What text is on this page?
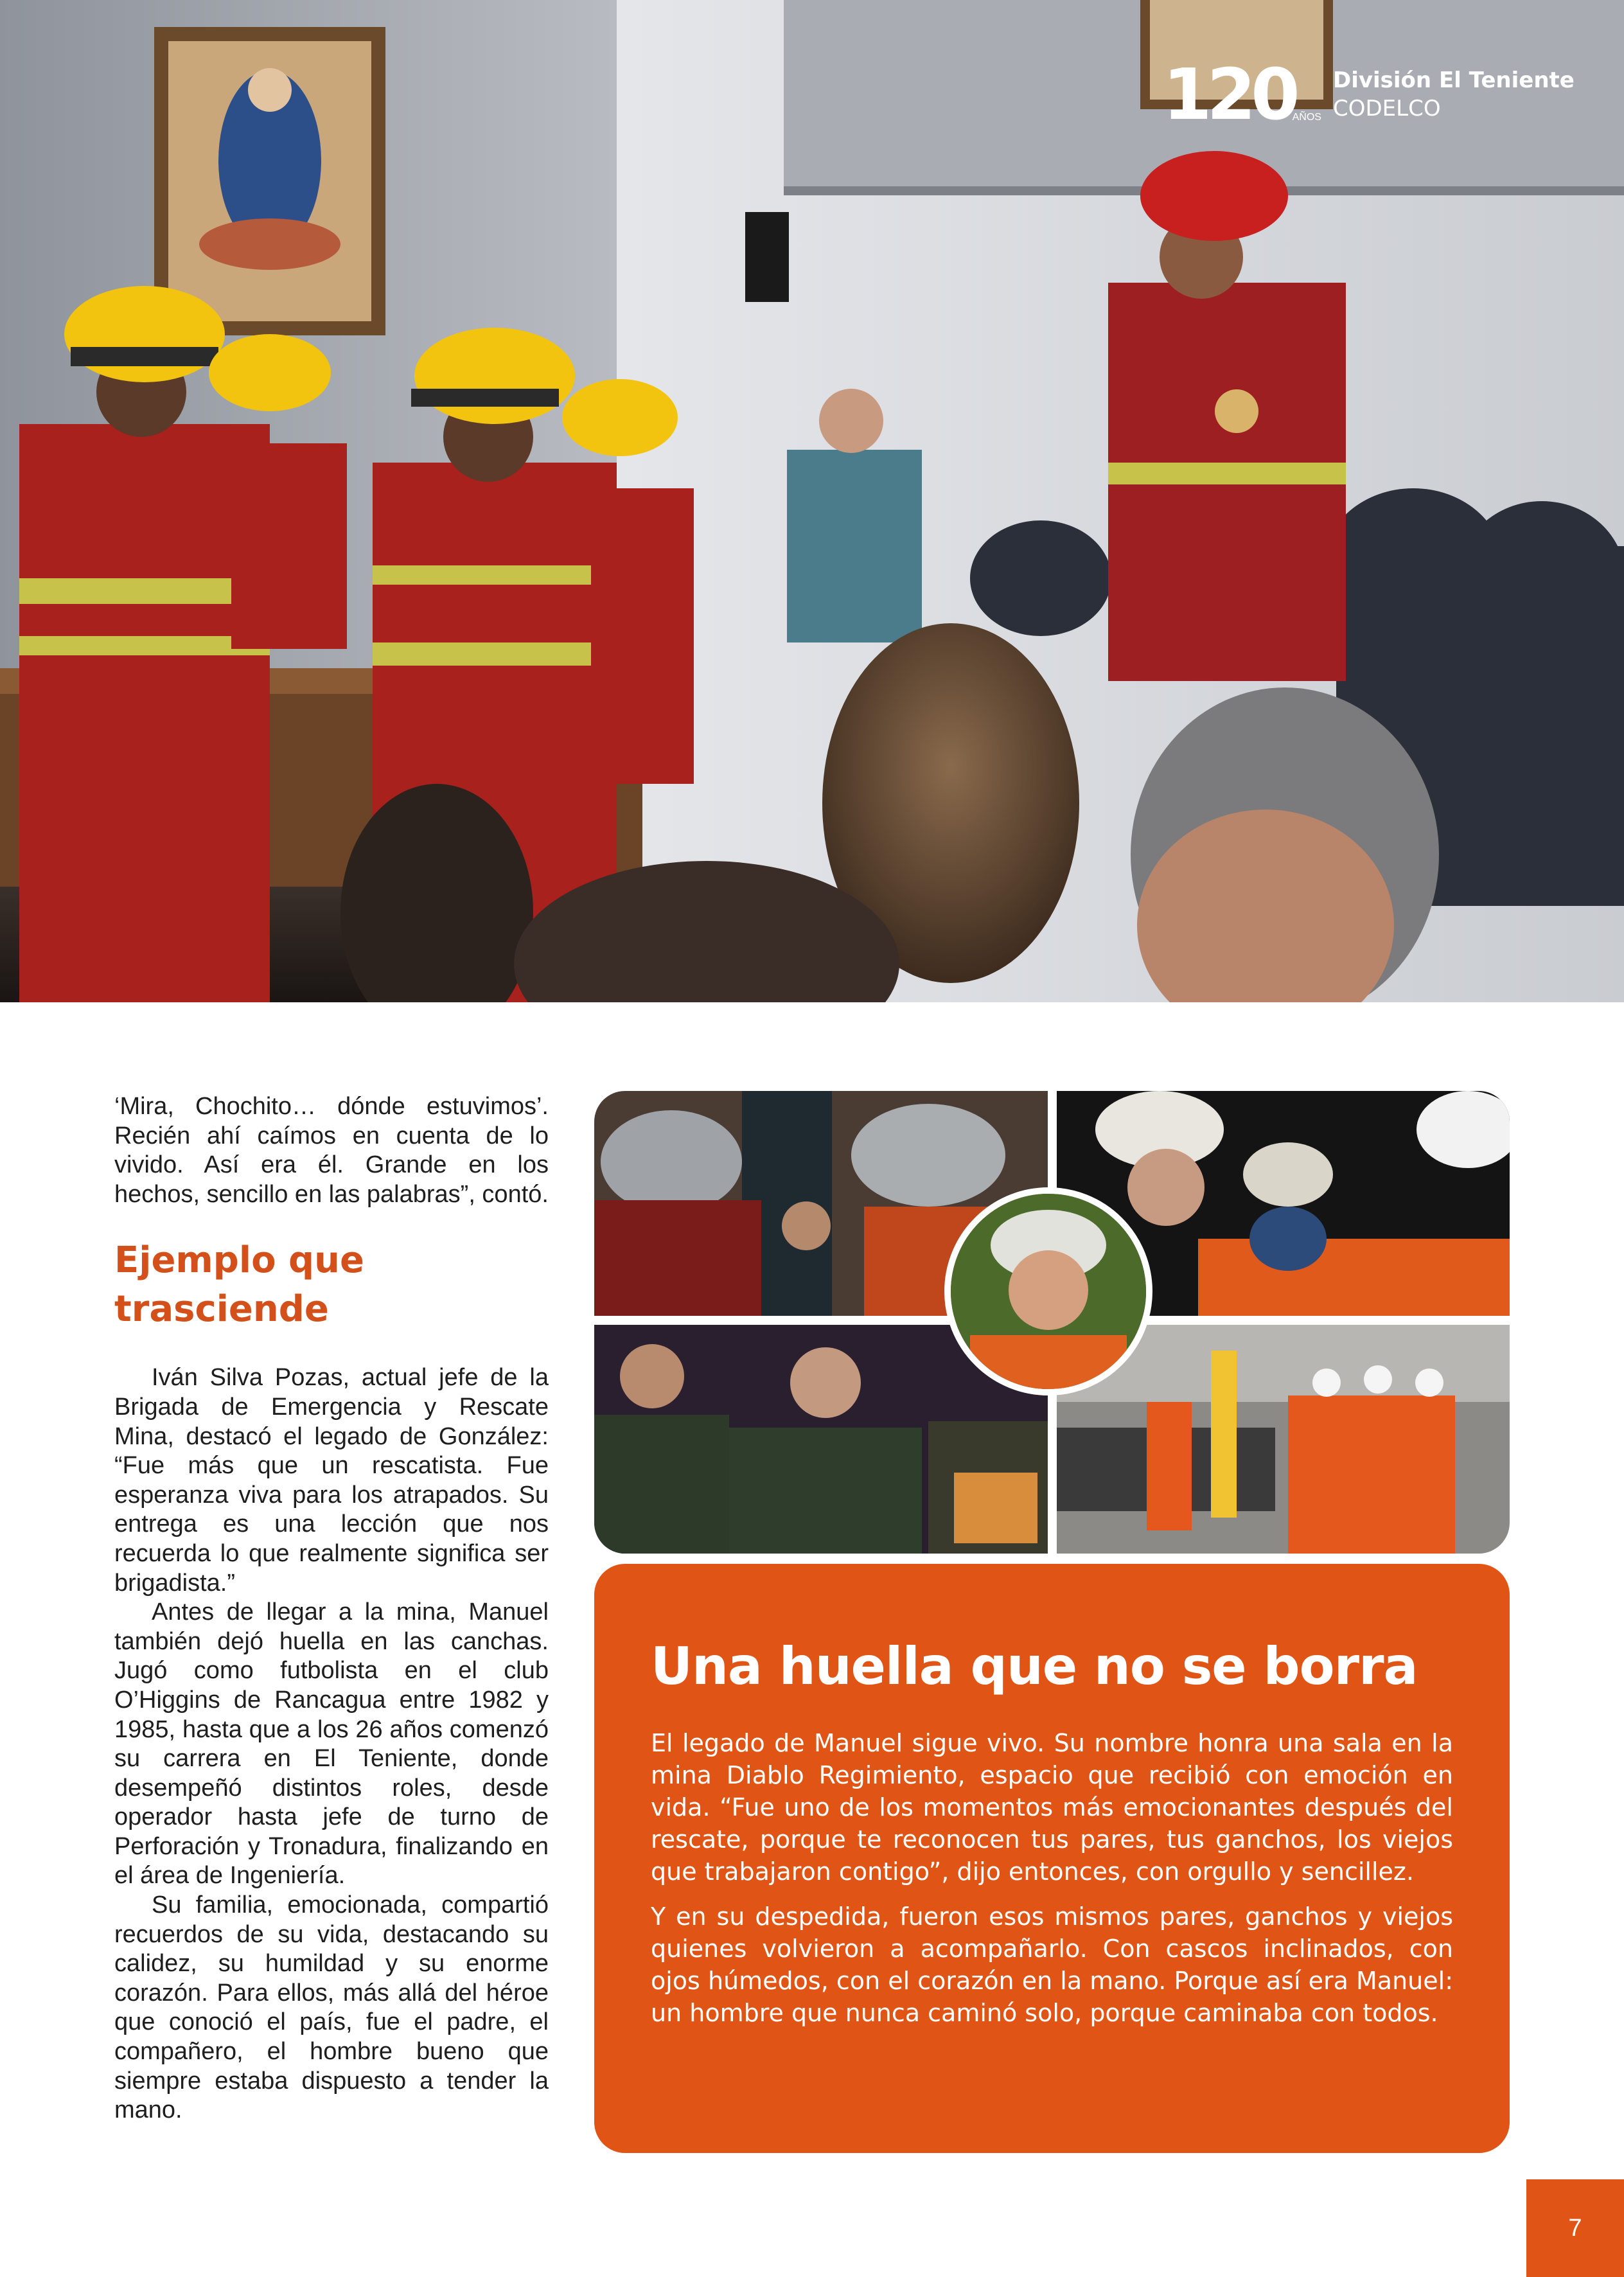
120
AÑOS
División El Teniente
CODELCO

‘Mira, Chochito… dónde estuvimos’. Recién ahí caímos en cuenta de lo vivido. Así era él. Grande en los hechos, sencillo en las palabras”, contó.

Ejemplo que trasciende

Iván Silva Pozas, actual jefe de la Brigada de Emergencia y Rescate Mina, destacó el legado de González: “Fue más que un rescatista. Fue esperanza viva para los atrapados. Su entrega es una lección que nos recuerda lo que realmente significa ser brigadista.”

Antes de llegar a la mina, Manuel también dejó huella en las canchas. Jugó como futbolista en el club O’Higgins de Rancagua entre 1982 y 1985, hasta que a los 26 años comenzó su carrera en El Teniente, donde desempeñó distintos roles, desde operador hasta jefe de turno de Perforación y Tronadura, finalizando en el área de Ingeniería.

Su familia, emocionada, compartió recuerdos de su vida, destacando su calidez, su humildad y su enorme corazón. Para ellos, más allá del héroe que conoció el país, fue el padre, el compañero, el hombre bueno que siempre estaba dispuesto a tender la mano.

Una huella que no se borra

El legado de Manuel sigue vivo. Su nombre honra una sala en la mina Diablo Regimiento, espacio que recibió con emoción en vida. “Fue uno de los momentos más emocionantes después del rescate, porque te reconocen tus pares, tus ganchos, los viejos que trabajaron contigo”, dijo entonces, con orgullo y sencillez.

Y en su despedida, fueron esos mismos pares, ganchos y viejos quienes volvieron a acompañarlo. Con cascos inclinados, con ojos húmedos, con el corazón en la mano. Porque así era Manuel: un hombre que nunca caminó solo, porque caminaba con todos.

7
